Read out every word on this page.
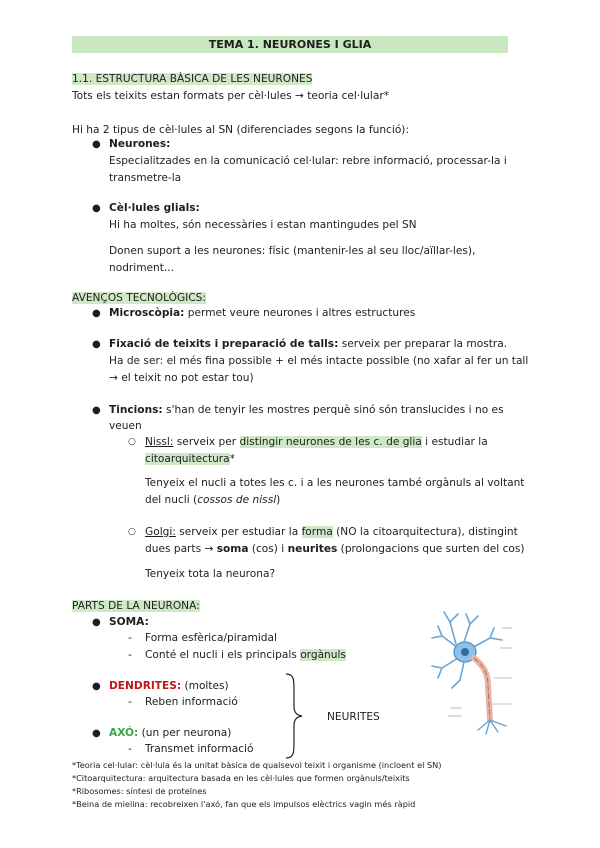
TEMA 1. NEURONES I GLIA
1.1. ESTRUCTURA BÀSICA DE LES NEURONES
Tots els teixits estan formats per cèl·lules → teoria cel·lular*
Hi ha 2 tipus de cèl·lules al SN (diferenciades segons la funció):
● Neurones:
Especialitzades en la comunicació cel·lular: rebre informació, processar-la i
transmetre-la
● Cèl·lules glials:
Hi ha moltes, són necessàries i estan mantingudes pel SN
Donen suport a les neurones: físic (mantenir-les al seu lloc/aïllar-les),
nodriment...
AVENÇOS TECNOLÒGICS:
● Microscòpia: permet veure neurones i altres estructures
● Fixació de teixits i preparació de talls: serveix per preparar la mostra.
Ha de ser: el més fina possible + el més intacte possible (no xafar al fer un tall
→ el teixit no pot estar tou)
● Tincions: s'han de tenyir les mostres perquè sinó són translucides i no es
veuen
○ Nissl: serveix per distingir neurones de les c. de glia i estudiar la
citoarquitectura*
Tenyeix el nucli a totes les c. i a les neurones també orgànuls al voltant
del nucli (cossos de nissl)
○ Golgi: serveix per estudiar la forma (NO la citoarquitectura), distingint
dues parts → soma (cos) i neurites (prolongacions que surten del cos)
Tenyeix tota la neurona?
PARTS DE LA NEURONA:
● SOMA:
- Forma esfèrica/piramidal
- Conté el nucli i els principals orgànuls
● DENDRITES: (moltes)
- Reben informació
● AXÓ: (un per neurona)
- Transmet informació
NEURITES
*Teoria cel·lular: cèl·lula és la unitat bàsica de qualsevol teixit i organisme (incloent el SN)
*Citoarquitectura: arquitectura basada en les cèl·lules que formen orgànuls/teixits
*Ribosomes: síntesi de proteïnes
*Beina de mielina: recobreixen l'axó, fan que els impulsos elèctrics vagin més ràpid
